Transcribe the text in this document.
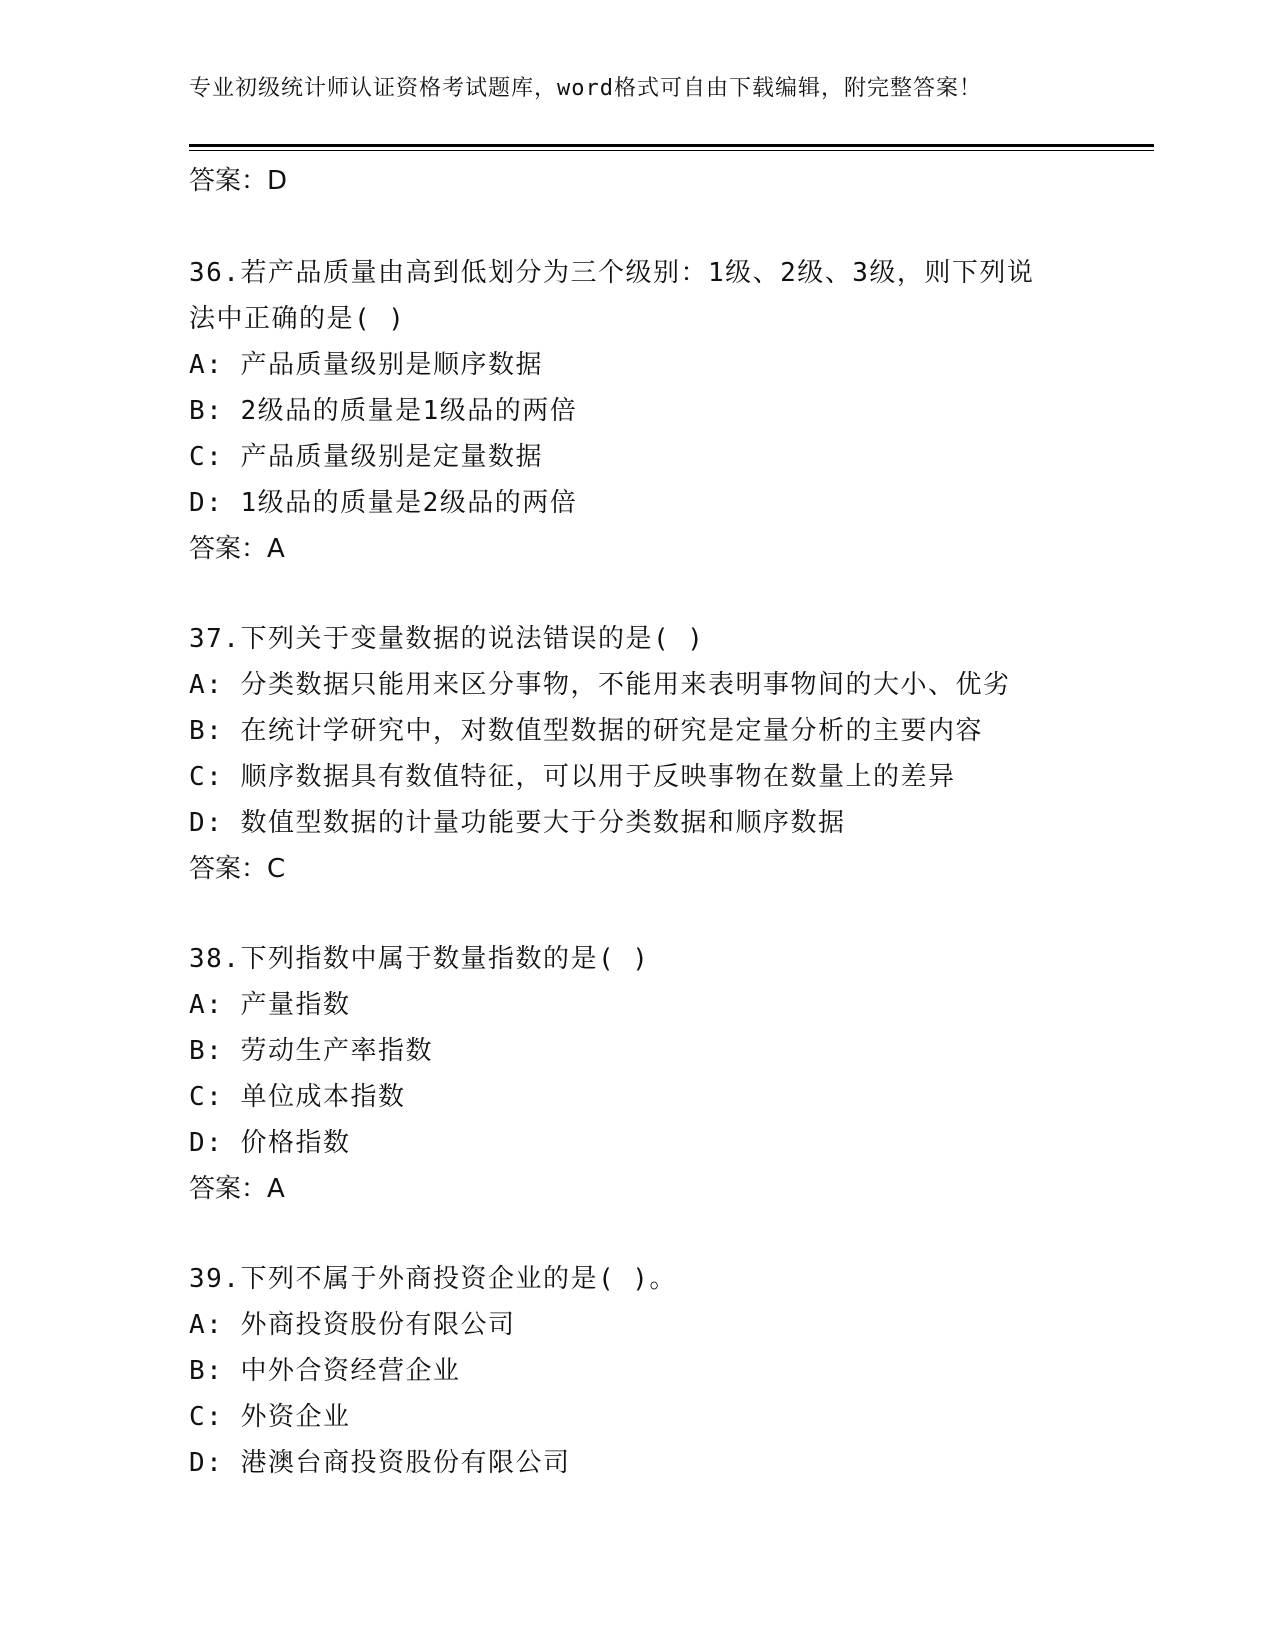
专业初级统计师认证资格考试题库，word格式可自由下载编辑，附完整答案！
答案：D
36.若产品质量由高到低划分为三个级别：1级、2级、3级，则下列说
法中正确的是( )
A: 产品质量级别是顺序数据
B: 2级品的质量是1级品的两倍
C: 产品质量级别是定量数据
D: 1级品的质量是2级品的两倍
答案：A
37.下列关于变量数据的说法错误的是( )
A: 分类数据只能用来区分事物，不能用来表明事物间的大小、优劣
B: 在统计学研究中，对数值型数据的研究是定量分析的主要内容
C: 顺序数据具有数值特征，可以用于反映事物在数量上的差异
D: 数值型数据的计量功能要大于分类数据和顺序数据
答案：C
38.下列指数中属于数量指数的是( )
A: 产量指数
B: 劳动生产率指数
C: 单位成本指数
D: 价格指数
答案：A
39.下列不属于外商投资企业的是( )。
A: 外商投资股份有限公司
B: 中外合资经营企业
C: 外资企业
D: 港澳台商投资股份有限公司
